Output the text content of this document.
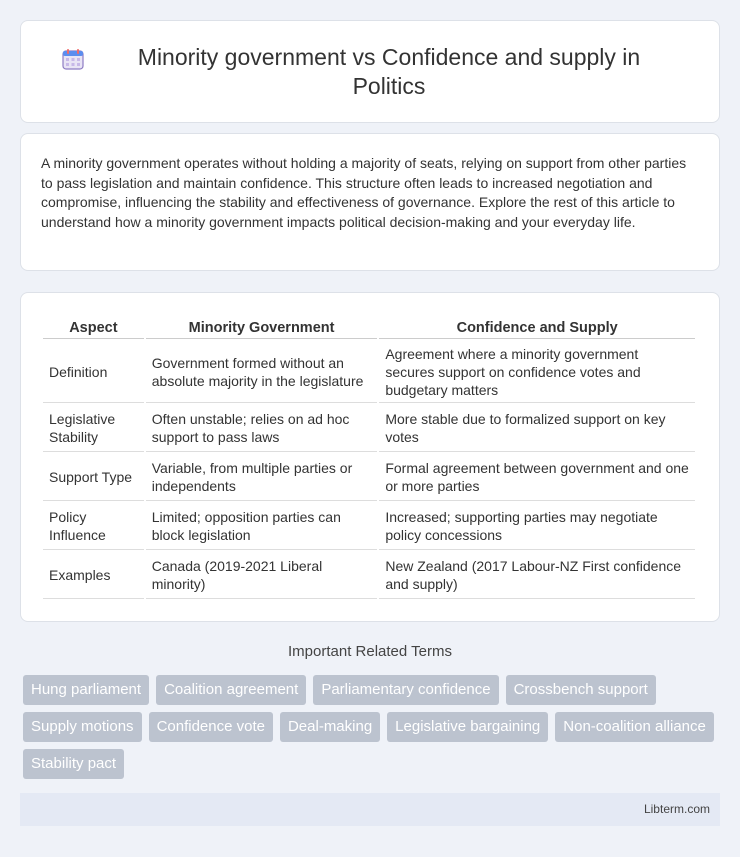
Minority government vs Confidence and supply in Politics

A minority government operates without holding a majority of seats, relying on support from other parties to pass legislation and maintain confidence. This structure often leads to increased negotiation and compromise, influencing the stability and effectiveness of governance. Explore the rest of this article to understand how a minority government impacts political decision-making and your everyday life.

Aspect	Minority Government	Confidence and Supply
Definition	Government formed without an absolute majority in the legislature	Agreement where a minority government secures support on confidence votes and budgetary matters
Legislative Stability	Often unstable; relies on ad hoc support to pass laws	More stable due to formalized support on key votes
Support Type	Variable, from multiple parties or independents	Formal agreement between government and one or more parties
Policy Influence	Limited; opposition parties can block legislation	Increased; supporting parties may negotiate policy concessions
Examples	Canada (2019-2021 Liberal minority)	New Zealand (2017 Labour-NZ First confidence and supply)
Important Related Terms
Hung parliament	Coalition agreement	Parliamentary confidence	Crossbench support
Supply motions	Confidence vote	Deal-making	Legislative bargaining	Non-coalition alliance
Stability pact
Libterm.com
